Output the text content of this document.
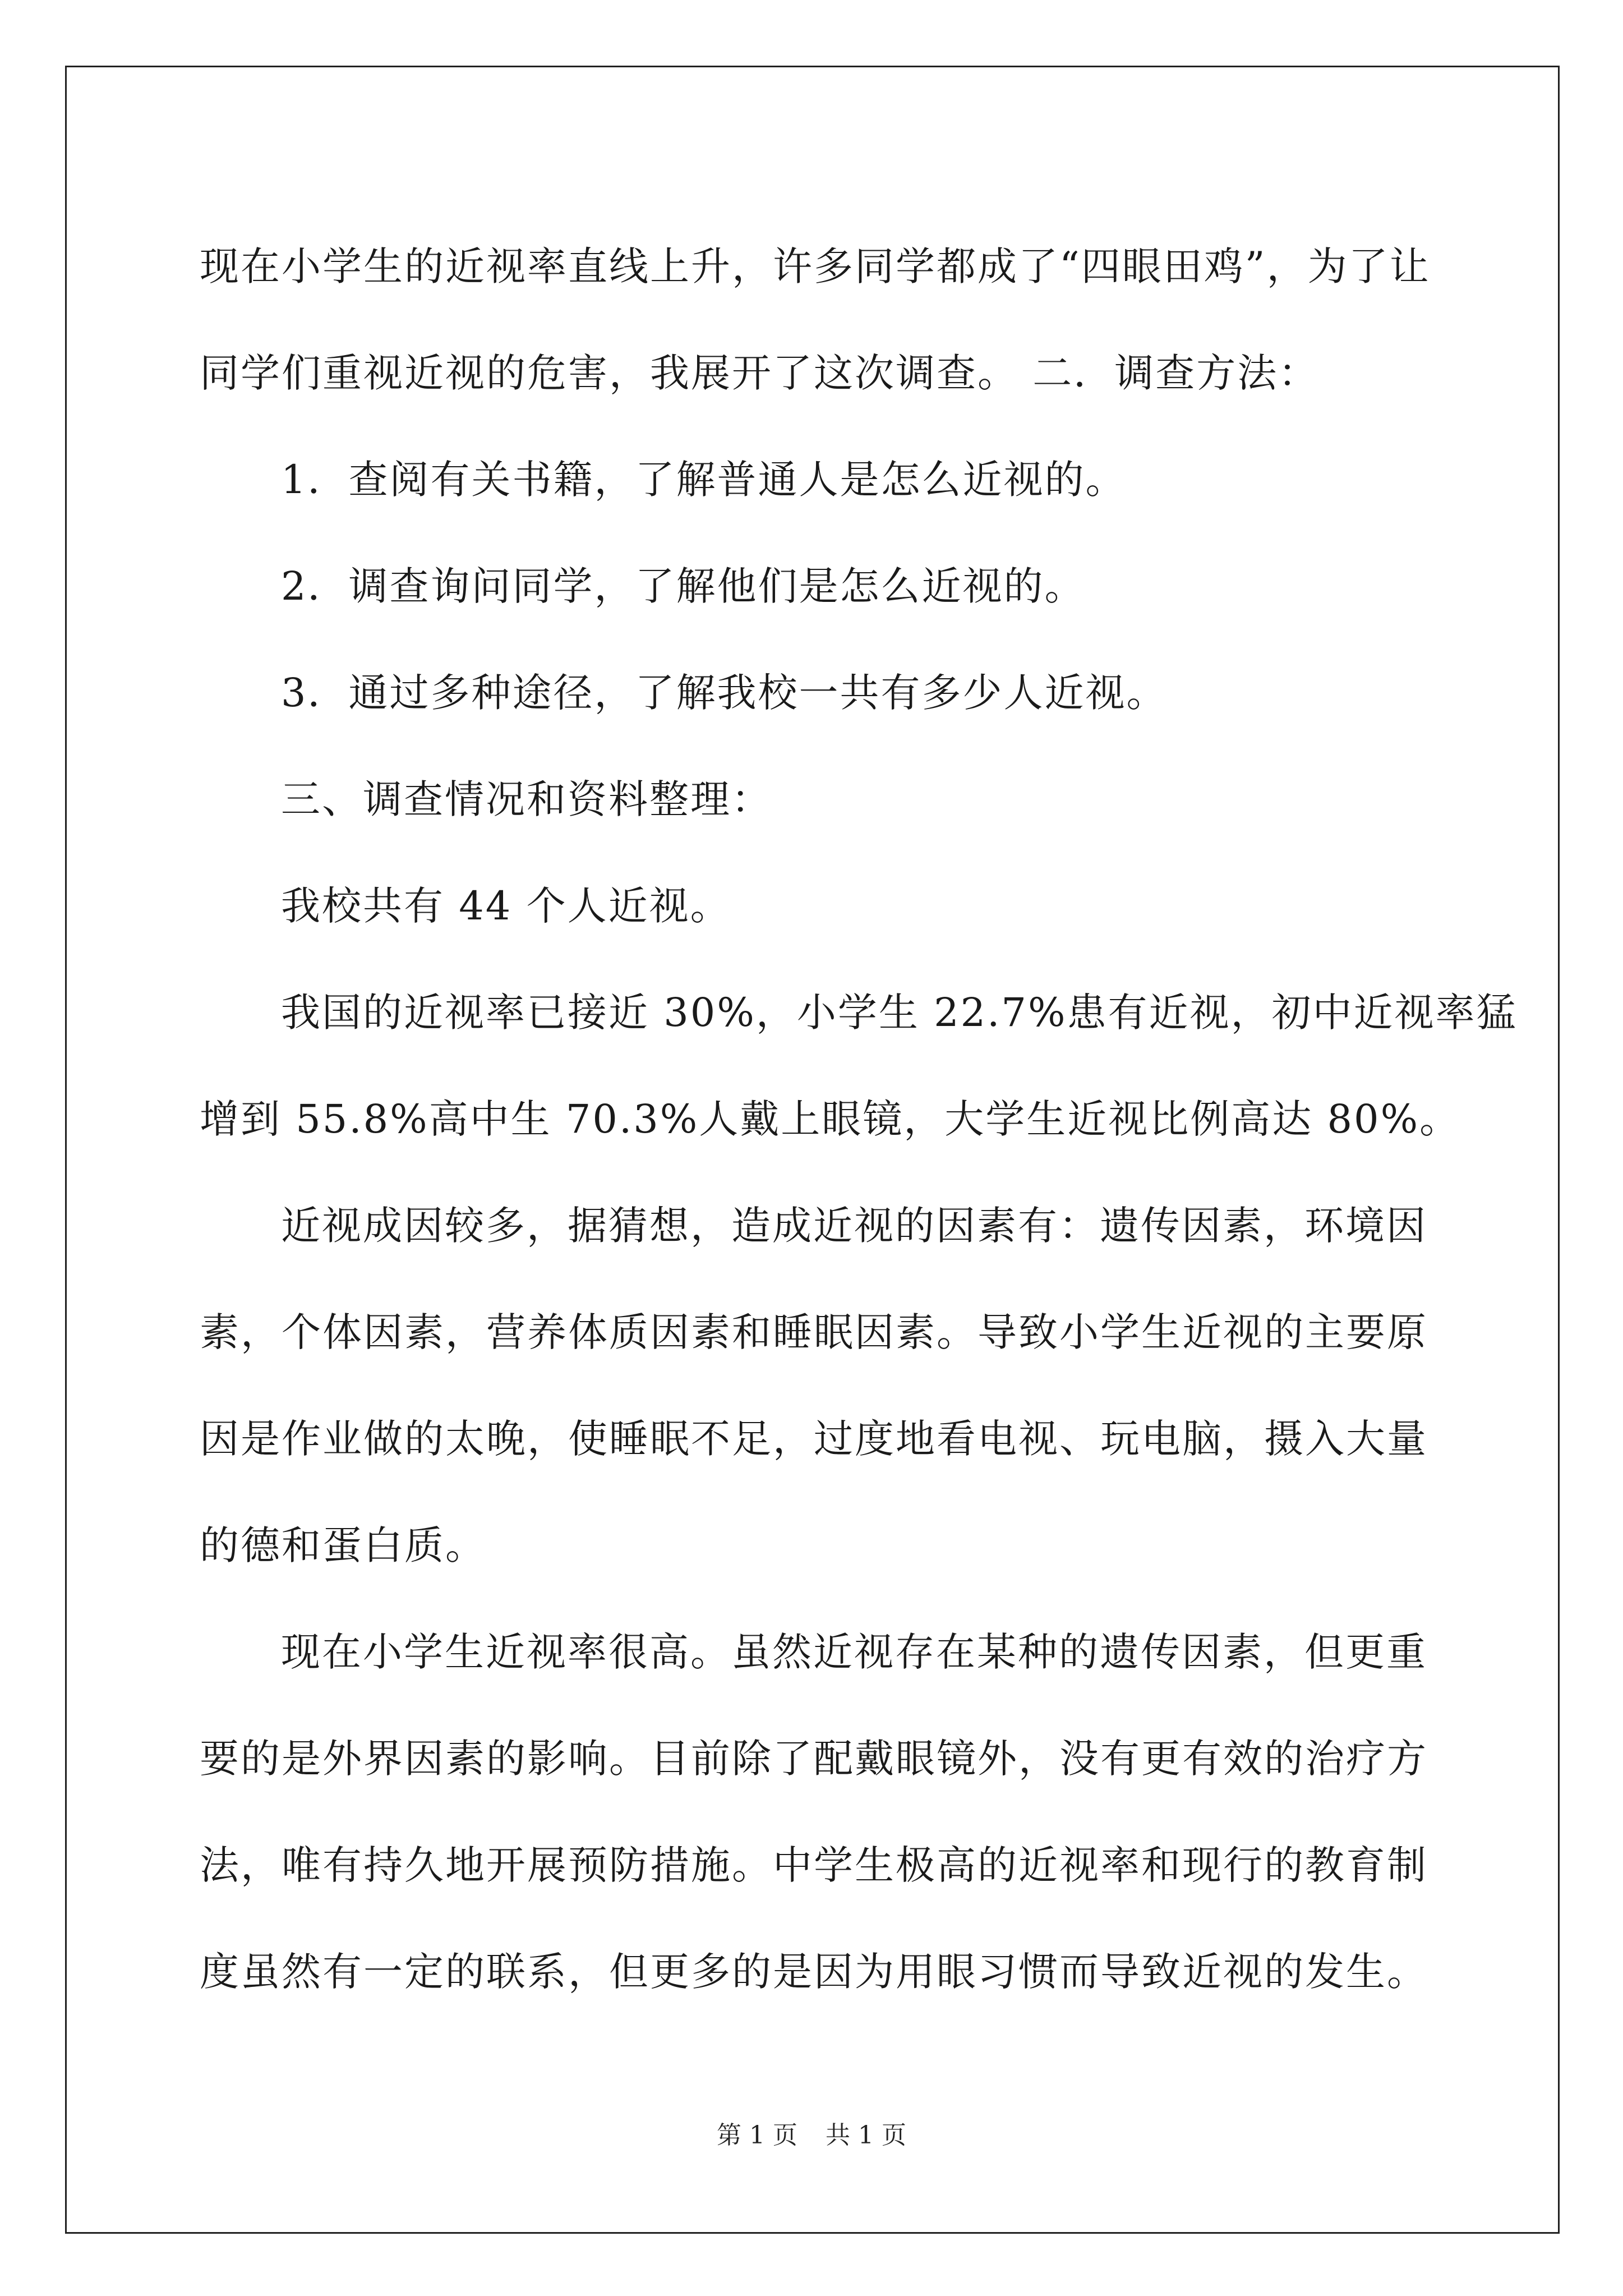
现在小学生的近视率直线上升，许多同学都成了“四眼田鸡”，为了让

同学们重视近视的危害，我展开了这次调查。 二．调查方法：

1．查阅有关书籍，了解普通人是怎么近视的。

2．调查询问同学，了解他们是怎么近视的。

3．通过多种途径，了解我校一共有多少人近视。

三、调查情况和资料整理：

我校共有 44 个人近视。

我国的近视率已接近 30%，小学生 22.7%患有近视，初中近视率猛

增到 55.8%高中生 70.3%人戴上眼镜，大学生近视比例高达 80%。

近视成因较多，据猜想，造成近视的因素有：遗传因素，环境因

素，个体因素，营养体质因素和睡眠因素。导致小学生近视的主要原

因是作业做的太晚，使睡眠不足，过度地看电视、玩电脑，摄入大量

的德和蛋白质。

现在小学生近视率很高。虽然近视存在某种的遗传因素，但更重

要的是外界因素的影响。目前除了配戴眼镜外，没有更有效的治疗方

法，唯有持久地开展预防措施。中学生极高的近视率和现行的教育制

度虽然有一定的联系，但更多的是因为用眼习惯而导致近视的发生。

第 1 页 共 1 页
